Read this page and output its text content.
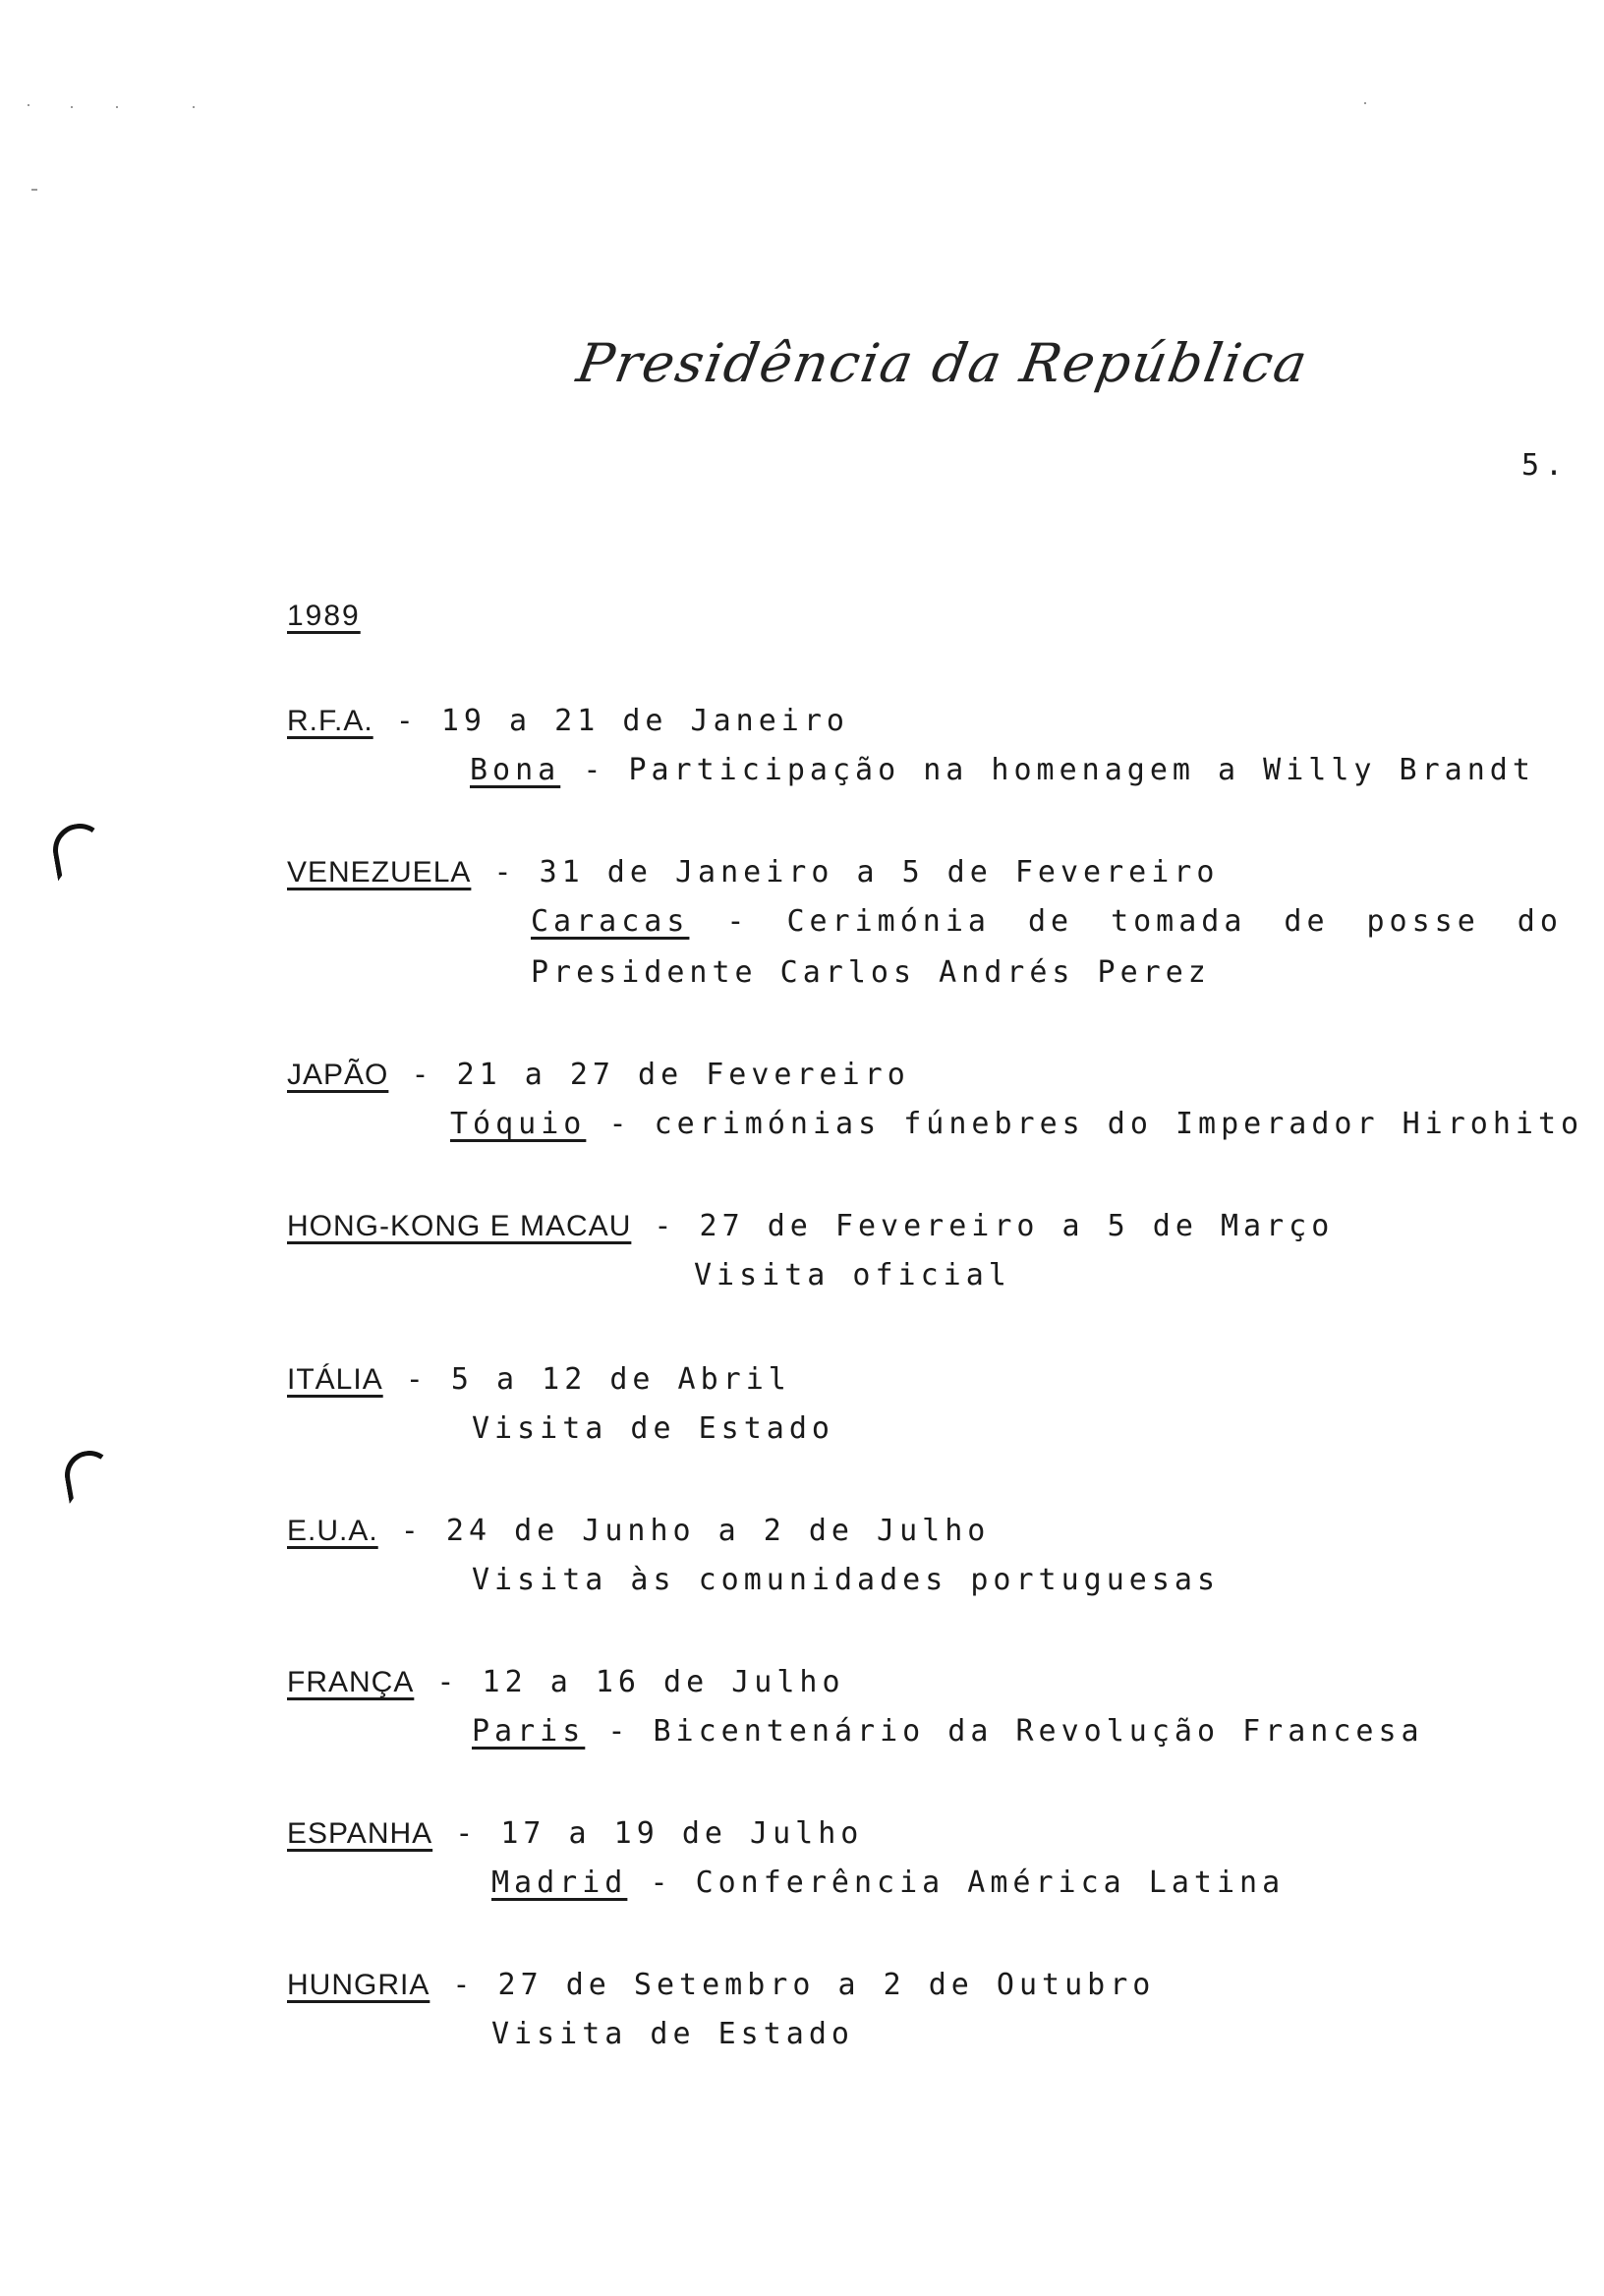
Presidência da República
5.
1989
R.F.A. - 19 a 21 de Janeiro
Bona - Participação na homenagem a Willy Brandt
VENEZUELA - 31 de Janeiro a 5 de Fevereiro
Caracas - Cerimónia de tomada de posse do
Presidente Carlos Andrés Perez
JAPÃO - 21 a 27 de Fevereiro
Tóquio - cerimónias fúnebres do Imperador Hirohito
HONG-KONG E MACAU - 27 de Fevereiro a 5 de Março
Visita oficial
ITÁLIA - 5 a 12 de Abril
Visita de Estado
E.U.A. - 24 de Junho a 2 de Julho
Visita às comunidades portuguesas
FRANÇA - 12 a 16 de Julho
Paris - Bicentenário da Revolução Francesa
ESPANHA - 17 a 19 de Julho
Madrid - Conferência América Latina
HUNGRIA - 27 de Setembro a 2 de Outubro
Visita de Estado
